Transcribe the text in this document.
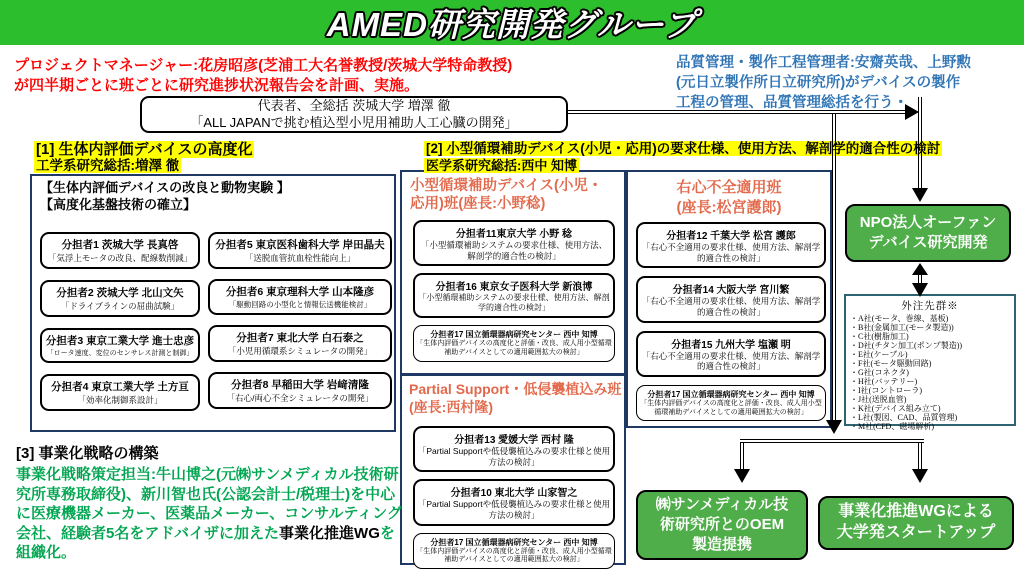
AMED研究開発グループ
プロジェクトマネージャー:花房昭彦(芝浦工大名誉教授/茨城大学特命教授)
が四半期ごとに班ごとに研究進捗状況報告会を計画、実施。
品質管理・製作工程管理者:安齋英哉、上野勲
(元日立製作所日立研究所)がデバイスの製作
工程の管理、品質管理総括を行う・
代表者、全総括 茨城大学 増澤 徹
「ALL JAPANで挑む植込型小児用補助人工心臓の開発」
[1] 生体内評価デバイスの高度化
工学系研究総括:増澤 徹
[2] 小型循環補助デバイス(小児・応用)の要求仕様、使用方法、解剖学的適合性の検討
医学系研究総括:西中 知博
【生体内評価デバイスの改良と動物実験 】
【高度化基盤技術の確立】
分担者1 茨城大学 長真啓
「気浮上モータの改良、配線数削減」
分担者2 茨城大学 北山文矢
「ドライブラインの屈曲試験」
分担者3 東京工業大学 進士忠彦
「ロータ速度、変位のセンサレス計測と制御」
分担者4 東京工業大学 土方亘
「効率化制御系設計」
分担者5 東京医科歯科大学 岸田晶夫
「送脱血管抗血栓性能向上」
分担者6 東京理科大学 山本隆彦
「駆動回路の小型化と情報伝送機能検討」
分担者7 東北大学 白石泰之
「小児用循環系シミュレータの開発」
分担者8 早稲田大学 岩﨑清隆
「右心/両心不全シミュレータの開発」
小型循環補助デバイス(小児・
応用)班(座長:小野稔)
分担者11東京大学 小野 稔
「小型循環補助システムの要求仕様、使用方法、解剖学的適合性の検討」
分担者16 東京女子医科大学 新浪博
「小型循環補助システムの要求仕様、使用方法、解剖学的適合性の検討」
分担者17 国立循環器病研究センター 西中 知博
「生体内評価デバイスの高度化と評価・改良、成人用小型循環補助デバイスとしての適用範囲拡大の検討」
右心不全適用班
(座長:松宮護郎)
分担者12 千葉大学 松宮 護郎
「右心不全適用の要求仕様、使用方法、解剖学的適合性の検討」
分担者14 大阪大学 宮川繁
「右心不全適用の要求仕様、使用方法、解剖学的適合性の検討」
分担者15 九州大学 塩瀬 明
「右心不全適用の要求仕様、使用方法、解剖学的適合性の検討」
分担者17 国立循環器病研究センター 西中 知博
「生体内評価デバイスの高度化と評価・改良、成人用小型循環補助デバイスとしての適用範囲拡大の検討」
Partial Support・低侵襲植込み班
(座長:西村隆)
分担者13 愛媛大学 西村 隆
「Partial Supportや低侵襲植込みの要求仕様と使用方法の検討」
分担者10 東北大学 山家智之
「Partial Supportや低侵襲植込みの要求仕様と使用方法の検討」
分担者17 国立循環器病研究センター 西中 知博
「生体内評価デバイスの高度化と評価・改良、成人用小型循環補助デバイスとしての適用範囲拡大の検討」
[3] 事業化戦略の構築
事業化戦略策定担当:牛山博之(元㈱サンメディカル技術研究所専務取締役)、新川智也氏(公認会計士/税理士)を中心に医療機器メーカー、医薬品メーカー、コンサルティング会社、経験者5名をアドバイザに加えた事業化推進WGを組織化。
NPO法人オーファン
デバイス研究開発
外注先群※
・A社(モータ、巻線、基板)
・B社(金属加工(モータ製造))
・C社(樹脂加工)
・D社(チタン加工(ポンプ製造))
・E社(ケーブル)
・F社(モータ駆動回路)
・G社(コネクタ)
・H社(バッテリー)
・I社(コントローラ)
・J社(送脱血管)
・K社(デバイス組み立て)
・L社(製図、CAD、品質管理)
・M社(CFD、磁場解析)
㈱サンメディカル技
術研究所とのOEM
製造提携
事業化推進WGによる
大学発スタートアップ
